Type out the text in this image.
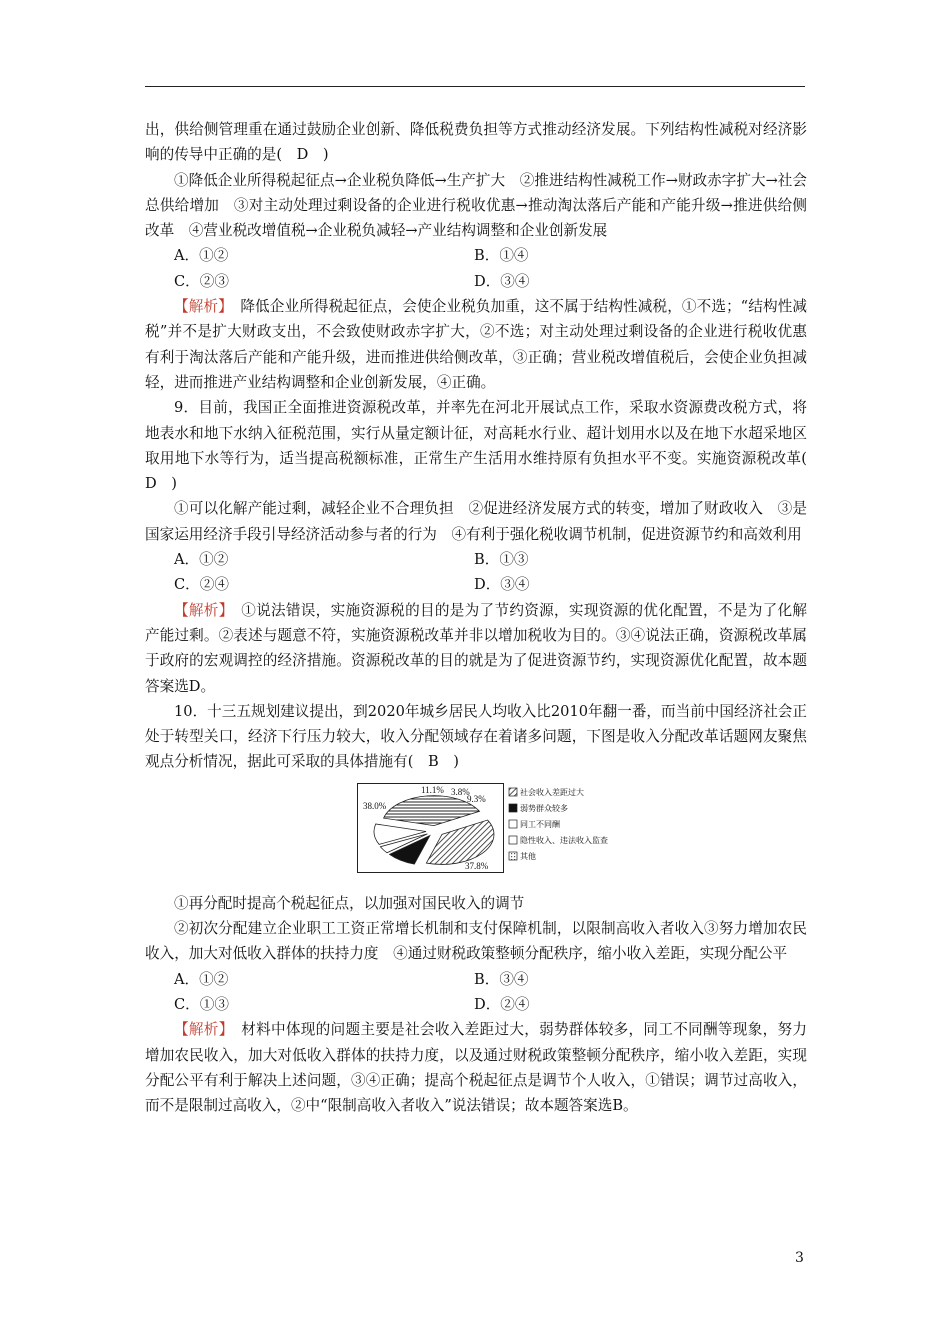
出，供给侧管理重在通过鼓励企业创新、降低税费负担等方式推动经济发展。下列结构性减税对经济影响的传导中正确的是(　D　)

①降低企业所得税起征点→企业税负降低→生产扩大　②推进结构性减税工作→财政赤字扩大→社会总供给增加　③对主动处理过剩设备的企业进行税收优惠→推动淘汰落后产能和产能升级→推进供给侧改革　④营业税改增值税→企业税负减轻→产业结构调整和企业创新发展

A．①②	B．①④
C．②③	D．③④

【解析】　降低企业所得税起征点，会使企业税负加重，这不属于结构性减税，①不选；“结构性减税”并不是扩大财政支出，不会致使财政赤字扩大，②不选；对主动处理过剩设备的企业进行税收优惠有利于淘汰落后产能和产能升级，进而推进供给侧改革，③正确；营业税改增值税后，会使企业负担减轻，进而推进产业结构调整和企业创新发展，④正确。

9．目前，我国正全面推进资源税改革，并率先在河北开展试点工作，采取水资源费改税方式，将地表水和地下水纳入征税范围，实行从量定额计征，对高耗水行业、超计划用水以及在地下水超采地区取用地下水等行为，适当提高税额标准，正常生产生活用水维持原有负担水平不变。实施资源税改革(　D　)

①可以化解产能过剩，减轻企业不合理负担　②促进经济发展方式的转变，增加了财政收入　③是国家运用经济手段引导经济活动参与者的行为　④有利于强化税收调节机制，促进资源节约和高效利用

A．①②	B．①③
C．②④	D．③④

【解析】　①说法错误，实施资源税的目的是为了节约资源，实现资源的优化配置，不是为了化解产能过剩。②表述与题意不符，实施资源税改革并非以增加税收为目的。③④说法正确，资源税改革属于政府的宏观调控的经济措施。资源税改革的目的就是为了促进资源节约，实现资源优化配置，故本题答案选D。

10．十三五规划建议提出，到2020年城乡居民人均收入比2010年翻一番，而当前中国经济社会正处于转型关口，经济下行压力较大，收入分配领域存在着诸多问题，下图是收入分配改革话题网友聚焦观点分析情况，据此可采取的具体措施有(　B　)

37.8%
9.3%
3.8%
11.1%
38.0%
社会收入差距过大
弱势群众较多
同工不同酬
隐性收入、违法收入监查
其他

①再分配时提高个税起征点，以加强对国民收入的调节

②初次分配建立企业职工工资正常增长机制和支付保障机制，以限制高收入者收入③努力增加农民收入，加大对低收入群体的扶持力度　④通过财税政策整顿分配秩序，缩小收入差距，实现分配公平

A．①②	B．③④
C．①③	D．②④

【解析】　材料中体现的问题主要是社会收入差距过大，弱势群体较多，同工不同酬等现象，努力增加农民收入，加大对低收入群体的扶持力度，以及通过财税政策整顿分配秩序，缩小收入差距，实现分配公平有利于解决上述问题，③④正确；提高个税起征点是调节个人收入，①错误；调节过高收入，而不是限制过高收入，②中“限制高收入者收入”说法错误；故本题答案选B。

3
